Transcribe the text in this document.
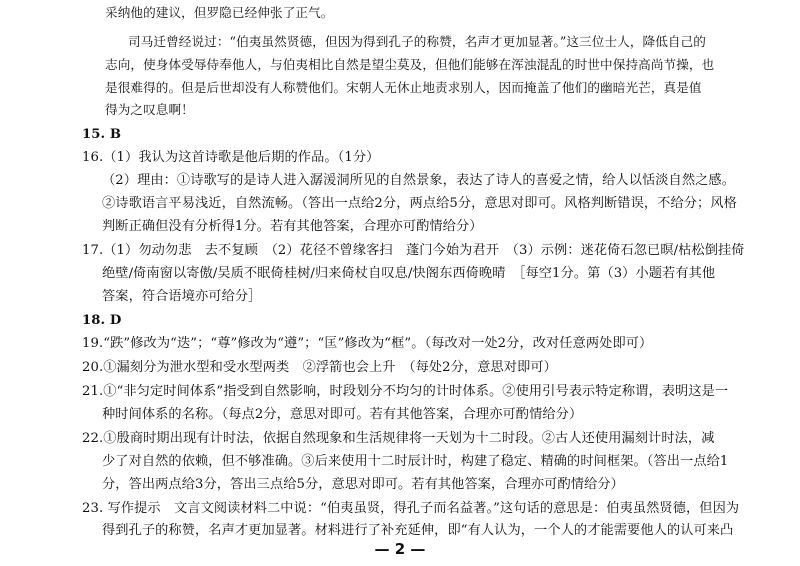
采纳他的建议，但罗隐已经伸张了正气。
司马迁曾经说过：“伯夷虽然贤德，但因为得到孔子的称赞，名声才更加显著。”这三位士人，降低自己的
志向，使身体受辱侍奉他人，与伯夷相比自然是望尘莫及，但他们能够在浑浊混乱的时世中保持高尚节操，也
是很难得的。但是后世却没有人称赞他们。宋朝人无休止地责求别人，因而掩盖了他们的幽暗光芒，真是值
得为之叹息啊！
15. B
16.（1）我认为这首诗歌是他后期的作品。（1分）
（2）理由：①诗歌写的是诗人进入潺湲洞所见的自然景象，表达了诗人的喜爱之情，给人以恬淡自然之感。
②诗歌语言平易浅近，自然流畅。（答出一点给2分，两点给5分，意思对即可。风格判断错误，不给分；风格
判断正确但没有分析得1分。若有其他答案，合理亦可酌情给分）
17.（1）勿动勿悲　去不复顾　（2）花径不曾缘客扫　蓬门今始为君开　（3）示例：迷花倚石忽已暝/枯松倒挂倚
绝壁/倚南窗以寄傲/吴质不眠倚桂树/归来倚杖自叹息/快阁东西倚晚晴　［每空1分。第（3）小题若有其他
答案，符合语境亦可给分］
18. D
19.“跌”修改为“迭”；“尊”修改为“遵”；“匡”修改为“框”。（每改对一处2分，改对任意两处即可）
20.①漏刻分为泄水型和受水型两类　②浮箭也会上升　（每处2分，意思对即可）
21.①“非匀定时间体系”指受到自然影响，时段划分不均匀的计时体系。②使用引号表示特定称谓，表明这是一
种时间体系的名称。（每点2分，意思对即可。若有其他答案，合理亦可酌情给分）
22.①殷商时期出现有计时法，依据自然现象和生活规律将一天划为十二时段。②古人还使用漏刻计时法，减
少了对自然的依赖，但不够准确。③后来使用十二时辰计时，构建了稳定、精确的时间框架。（答出一点给1
分，答出两点给3分，答出三点给5分，意思对即可。若有其他答案，合理亦可酌情给分）
23. 写作提示　文言文阅读材料二中说：“伯夷虽贤，得孔子而名益著。”这句话的意思是：伯夷虽然贤德，但因为
得到孔子的称赞，名声才更加显著。材料进行了补充延伸，即“有人认为，一个人的才能需要他人的认可来凸
— 2 —
